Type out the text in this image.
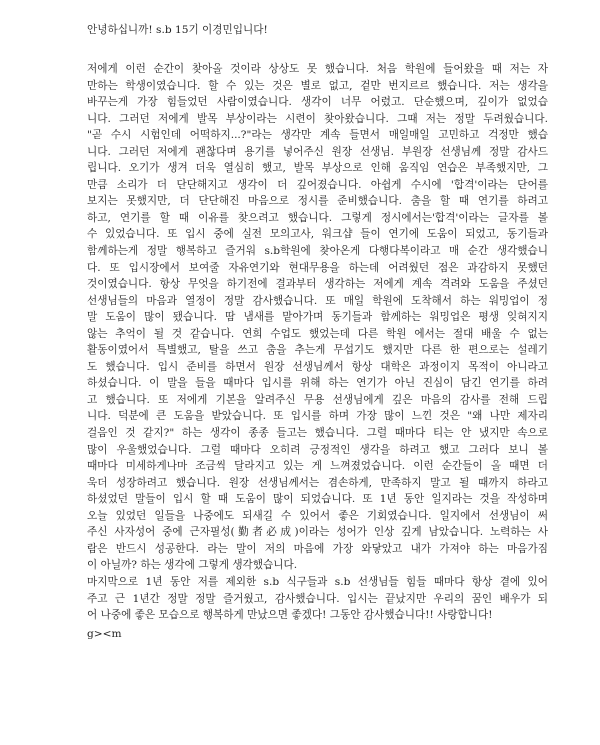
안녕하십니까! s.b 15기 이경민입니다!
저에게 이런 순간이 찾아올 것이라 상상도 못 했습니다. 처음 학원에 들어왔을 때 저는 자
만하는 학생이였습니다. 할 수 있는 것은 별로 없고, 겉만 번지르르 했습니다. 저는 생각을
바꾸는게 가장 힘들었던 사람이였습니다. 생각이 너무 어렸고. 단순했으며, 깊이가 없었습
니다. 그러던 저에게 발목 부상이라는 시련이 찾아왔습니다. 그때 저는 정말 두려웠습니다.
"곧 수시 시험인데 어떡하지...?"라는 생각만 계속 들면서 매일매일 고민하고 걱정만 했습
니다. 그러던 저에게 괜찮다며 용기를 넣어주신 원장 선생님. 부원장 선생님께 정말 감사드
립니다. 오기가 생겨 더욱 열심히 했고, 발목 부상으로 인해 움직임 연습은 부족했지만, 그
만큼 소리가 더 단단해지고 생각이 더 깊어졌습니다. 아쉽게 수시에 '합격'이라는 단어를
보지는 못했지만, 더 단단해진 마음으로 정시를 준비했습니다. 춤을 할 때 연기를 하려고
하고, 연기를 할 때 이유를 찾으려고 했습니다. 그렇게 정시에서는'합격'이라는 글자를 볼
수 있었습니다. 또 입시 중에 실전 모의고사, 워크샵 들이 연기에 도움이 되었고, 동기들과
함께하는게 정말 행복하고 즐거워 s.b학원에 찾아온게 다행다복이라고 매 순간 생각했습니
다. 또 입시장에서 보여줄 자유연기와 현대무용을 하는데 어려웠던 점은 과감하지 못했던
것이였습니다. 항상 무엇을 하기전에 결과부터 생각하는 저에게 계속 격려와 도움을 주셨던
선생님들의 마음과 열정이 정말 감사했습니다. 또 매일 학원에 도착해서 하는 워밍업이 정
말 도움이 많이 됐습니다. 땀 냄새를 맡아가며 동기들과 함께하는 워밍업은 평생 잊혀지지
않는 추억이 될 것 같습니다. 연희 수업도 했었는데 다른 학원 에서는 절대 배울 수 없는
활동이였어서 특별했고, 탈을 쓰고 춤을 추는게 무섭기도 했지만 다른 한 편으로는 설레기
도 했습니다. 입시 준비를 하면서 원장 선생님께서 항상 대학은 과정이지 목적이 아니라고
하셨습니다. 이 말을 들을 때마다 입시를 위해 하는 연기가 아닌 진심이 담긴 연기를 하려
고 했습니다. 또 저에게 기본을 알려주신 무용 선생님에게 깊은 마음의 감사를 전해 드립
니다. 덕분에 큰 도움을 받았습니다. 또 입시를 하며 가장 많이 느낀 것은 "왜 나만 제자리
걸음인 것 같지?" 하는 생각이 종종 들고는 했습니다. 그럴 때마다 티는 안 냈지만 속으로
많이 우울했었습니다. 그럴 때마다 오히려 긍정적인 생각을 하려고 했고 그러다 보니 볼
때마다 미세하게나마 조금씩 달라지고 있는 게 느껴졌었습니다. 이런 순간들이 올 때면 더
욱더 성장하려고 했습니다. 원장 선생님께서는 겸손하게, 만족하지 말고 될 때까지 하라고
하셨었던 말들이 입시 할 때 도움이 많이 되었습니다. 또 1년 동안 일지라는 것을 작성하며
오늘 있었던 일들을 나중에도 되새길 수 있어서 좋은 기회였습니다. 일지에서 선생님이 써
주신 사자성어 중에 근자필성(勤者必成)이라는 성어가 인상 깊게 남았습니다. 노력하는 사
람은 반드시 성공한다. 라는 말이 저의 마음에 가장 와닿았고 내가 가져야 하는 마음가짐
이 아닐까? 하는 생각에 그렇게 생각했습니다.
마지막으로 1년 동안 저를 제외한 s.b 식구들과 s.b 선생님들 힘들 때마다 항상 곁에 있어
주고 근 1년간 정말 정말 즐거웠고, 감사했습니다. 입시는 끝났지만 우리의 꿈인 배우가 되
어 나중에 좋은 모습으로 행복하게 만났으면 좋겠다! 그동안 감사했습니다!! 사랑합니다!
g><m
